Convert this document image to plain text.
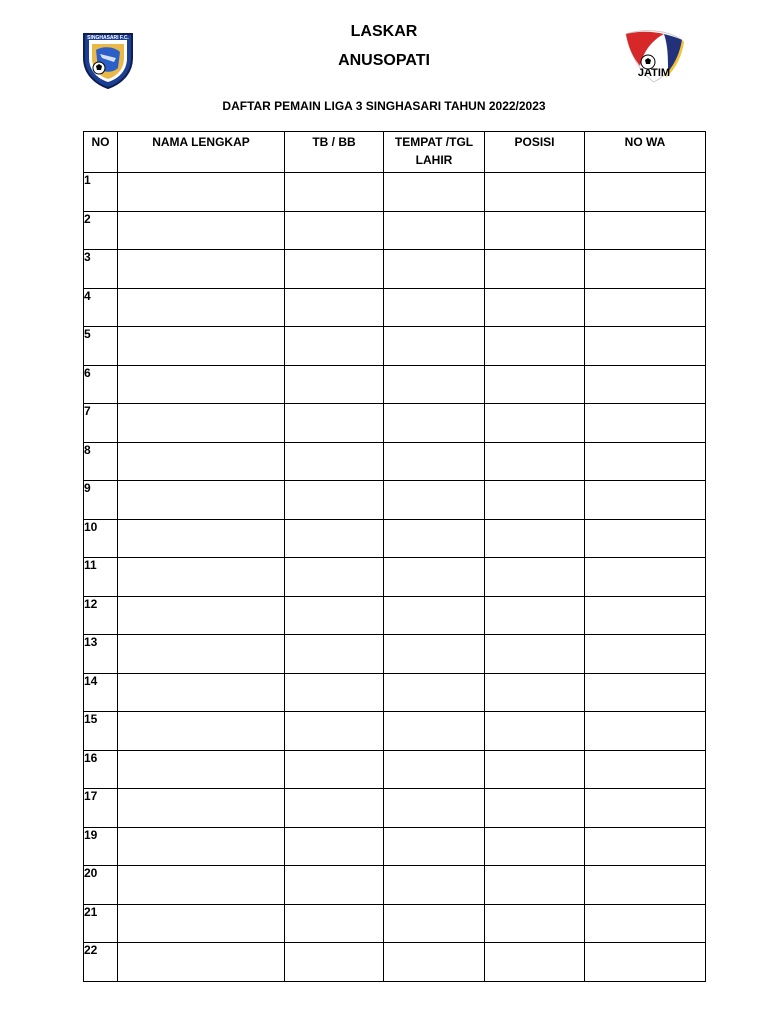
SINGHASARI F.C.
JATIM
LASKAR
ANUSOPATI
DAFTAR PEMAIN LIGA 3 SINGHASARI TAHUN 2022/2023
NO	NAMA LENGKAP	TB / BB	TEMPAT /TGL
LAHIR	POSISI	NO WA
1					
2					
3					
4					
5					
6					
7					
8					
9					
10					
11					
12					
13					
14					
15					
16					
17					
19					
20					
21					
22					
